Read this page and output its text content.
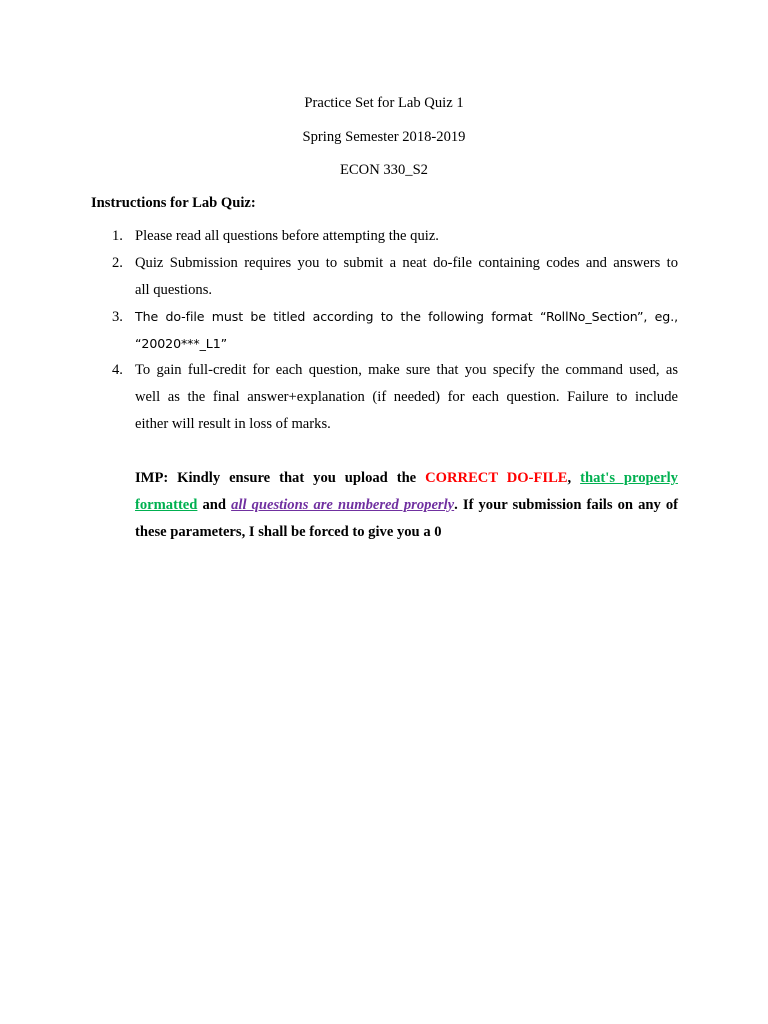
Practice Set for Lab Quiz 1
Spring Semester 2018-2019
ECON 330_S2
Instructions for Lab Quiz:
1. Please read all questions before attempting the quiz.
2. Quiz Submission requires you to submit a neat do-file containing codes and answers to
all questions.
3. The do-file must be titled according to the following format “RollNo_Section”, eg.,
“20020***_L1”
4. To gain full-credit for each question, make sure that you specify the command used, as
well as the final answer+explanation (if needed) for each question. Failure to include
either will result in loss of marks.
IMP: Kindly ensure that you upload the CORRECT DO-FILE, that's properly
formatted and all questions are numbered properly. If your submission fails on any of
these parameters, I shall be forced to give you a 0
